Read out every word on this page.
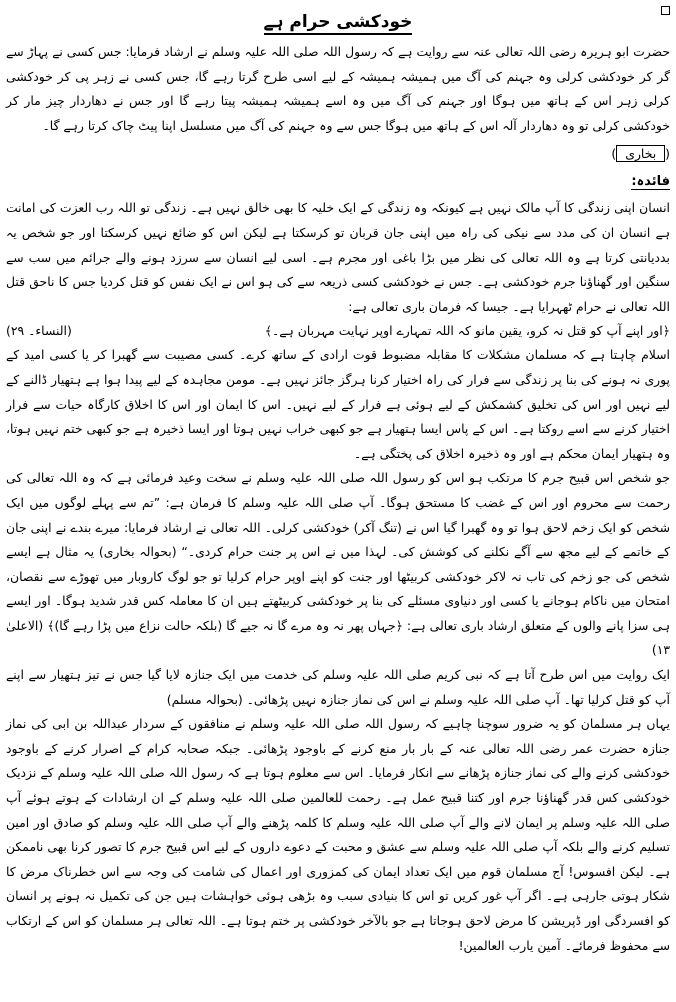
خودکشی حرام ہے

حضرت ابو ہریرہ رضی اللہ تعالی عنہ سے روایت ہے کہ رسول اللہ صلی اللہ علیہ وسلم نے ارشاد فرمایا: جس کسی نے پہاڑ سے گر کر خودکشی کرلی وہ جہنم کی آگ میں ہمیشہ ہمیشہ کے لیے اسی طرح گرتا رہے گا، جس کسی نے زہر پی کر خودکشی کرلی زہر اس کے ہاتھ میں ہوگا اور جہنم کی آگ میں وہ اسے ہمیشہ ہمیشہ پیتا رہے گا اور جس نے دھاردار چیز مار کر خودکشی کرلی تو وہ دھاردار آلہ اس کے ہاتھ میں ہوگا جس سے وہ جہنم کی آگ میں مسلسل اپنا پیٹ چاک کرتا رہے گا۔

(بخاری)
فائدہ:

انسان اپنی زندگی کا آپ مالک نہیں ہے کیونکہ وہ زندگی کے ایک خلیہ کا بھی خالق نہیں ہے۔ زندگی تو اللہ رب العزت کی امانت ہے انسان ان کی مدد سے نیکی کی راہ میں اپنی جان قربان تو کرسکتا ہے لیکن اس کو ضائع نہیں کرسکتا اور جو شخص یہ بددیانتی کرتا ہے وہ اللہ تعالی کی نظر میں بڑا باغی اور مجرم ہے۔ اسی لیے انسان سے سرزد ہونے والے جرائم میں سب سے سنگین اور گھناؤنا جرم خودکشی ہے۔ جس نے خودکشی کسی ذریعہ سے کی ہو اس نے ایک نفس کو قتل کردیا جس کا ناحق قتل اللہ تعالی نے حرام ٹھہرایا ہے۔ جیسا کہ فرمان باری تعالی ہے:

﴿اور اپنے آپ کو قتل نہ کرو، یقین مانو کہ اللہ تمہارے اوپر نہایت مہربان ہے۔﴾
(النساء۔ ۲۹)

اسلام چاہتا ہے کہ مسلمان مشکلات کا مقابلہ مضبوط قوت ارادی کے ساتھ کرے۔ کسی مصیبت سے گھبرا کر یا کسی امید کے پوری نہ ہونے کی بنا پر زندگی سے فرار کی راہ اختیار کرنا ہرگز جائز نہیں ہے۔ مومن مجاہدہ کے لیے پیدا ہوا ہے ہتھیار ڈالنے کے لیے نہیں اور اس کی تخلیق کشمکش کے لیے ہوئی ہے فرار کے لیے نہیں۔ اس کا ایمان اور اس کا اخلاق کارگاہ حیات سے فرار اختیار کرنے سے اسے روکتا ہے۔ اس کے پاس ایسا ہتھیار ہے جو کبھی خراب نہیں ہوتا اور ایسا ذخیرہ ہے جو کبھی ختم نہیں ہوتا، وہ ہتھیار ایمان محکم ہے اور وہ ذخیرہ اخلاق کی پختگی ہے۔

جو شخص اس قبیح جرم کا مرتکب ہو اس کو رسول اللہ صلی اللہ علیہ وسلم نے سخت وعید فرمائی ہے کہ وہ اللہ تعالی کی رحمت سے محروم اور اس کے غضب کا مستحق ہوگا۔ آپ صلی اللہ علیہ وسلم کا فرمان ہے: ”تم سے پہلے لوگوں میں ایک شخص کو ایک زخم لاحق ہوا تو وہ گھبرا گیا اس نے (تنگ آکر) خودکشی کرلی۔ اللہ تعالی نے ارشاد فرمایا: میرے بندے نے اپنی جان کے خاتمے کے لیے مجھ سے آگے نکلنے کی کوشش کی۔ لہذا میں نے اس پر جنت حرام کردی۔“ (بحوالہ بخاری) یہ مثال ہے ایسے شخص کی جو زخم کی تاب نہ لاکر خودکشی کربیٹھا اور جنت کو اپنے اوپر حرام کرلیا تو جو لوگ کاروبار میں تھوڑے سے نقصان، امتحان میں ناکام ہوجانے یا کسی اور دنیاوی مسئلے کی بنا پر خودکشی کربیٹھتے ہیں ان کا معاملہ کس قدر شدید ہوگا۔ اور ایسے ہی سزا پانے والوں کے متعلق ارشاد باری تعالی ہے: ﴿جہاں پھر نہ وہ مرے گا نہ جیے گا (بلکہ حالت نزاع میں پڑا رہے گا)﴾ (الاعلیٰ ۱۳)

ایک روایت میں اس طرح آتا ہے کہ نبی کریم صلی اللہ علیہ وسلم کی خدمت میں ایک جنازہ لایا گیا جس نے تیز ہتھیار سے اپنے آپ کو قتل کرلیا تھا۔ آپ صلی اللہ علیہ وسلم نے اس کی نماز جنازہ نہیں پڑھائی۔ (بحوالہ مسلم)

یہاں ہر مسلمان کو یہ ضرور سوچنا چاہیے کہ رسول اللہ صلی اللہ علیہ وسلم نے منافقوں کے سردار عبداللہ بن ابی کی نماز جنازہ حضرت عمر رضی اللہ تعالی عنہ کے بار بار منع کرنے کے باوجود پڑھائی۔ جبکہ صحابہ کرام کے اصرار کرنے کے باوجود خودکشی کرنے والے کی نماز جنازہ پڑھانے سے انکار فرمایا۔ اس سے معلوم ہوتا ہے کہ رسول اللہ صلی اللہ علیہ وسلم کے نزدیک خودکشی کس قدر گھناؤنا جرم اور کتنا قبیح عمل ہے۔ رحمت للعالمین صلی اللہ علیہ وسلم کے ان ارشادات کے ہوتے ہوئے آپ صلی اللہ علیہ وسلم پر ایمان لانے والے آپ صلی اللہ علیہ وسلم کا کلمہ پڑھنے والے آپ صلی اللہ علیہ وسلم کو صادق اور امین تسلیم کرنے والے بلکہ آپ صلی اللہ علیہ وسلم سے عشق و محبت کے دعوے داروں کے لیے اس قبیح جرم کا تصور کرنا بھی ناممکن ہے۔ لیکن افسوس! آج مسلمان قوم میں ایک تعداد ایمان کی کمزوری اور اعمال کی شامت کی وجہ سے اس خطرناک مرض کا شکار ہوتی جارہی ہے۔ اگر آپ غور کریں تو اس کا بنیادی سبب وہ بڑھی ہوئی خواہشات ہیں جن کی تکمیل نہ ہونے پر انسان کو افسردگی اور ڈپریشن کا مرض لاحق ہوجاتا ہے جو بالآخر خودکشی پر ختم ہوتا ہے۔ اللہ تعالی ہر مسلمان کو اس کے ارتکاب سے محفوظ فرمائے۔ آمین یارب العالمین!
